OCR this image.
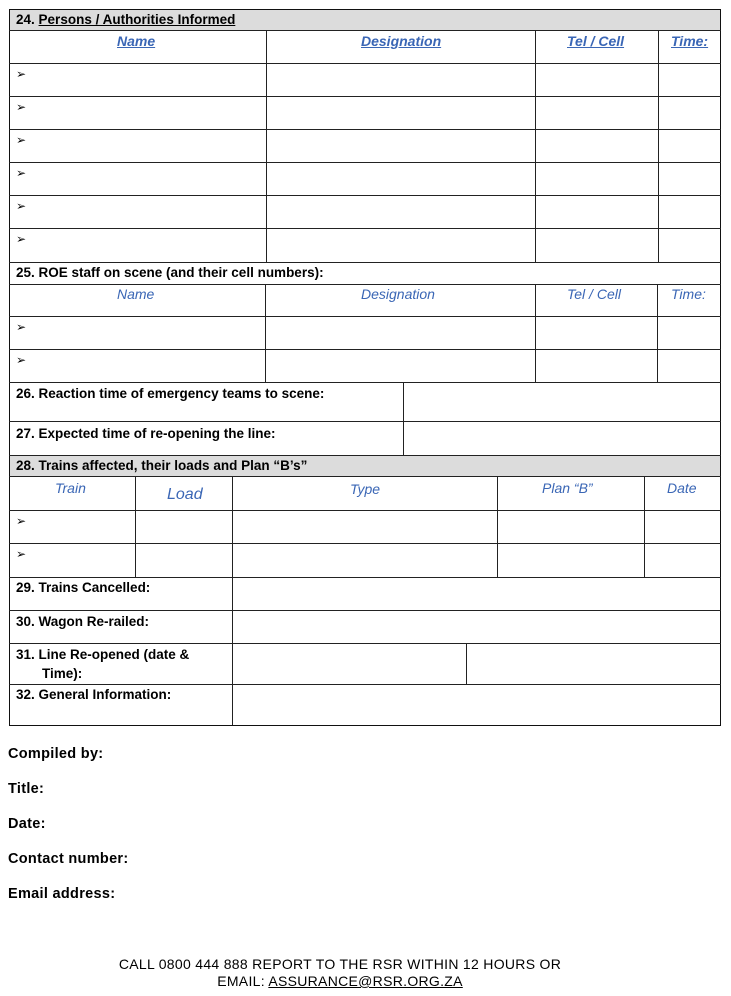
24. Persons / Authorities Informed
Name	Designation	Tel / Cell	Time:
➢
➢
➢
➢
➢
➢
25. ROE staff on scene (and their cell numbers):
Name	Designation	Tel / Cell	Time:
➢
➢
26. Reaction time of emergency teams to scene:
27. Expected time of re-opening the line:
28. Trains affected, their loads and Plan “B’s”
Train	Load	Type	Plan “B”	Date
➢
➢
29. Trains Cancelled:
30. Wagon Re-railed:
31. Line Re-opened (date &
Time):
32. General Information:
Compiled by:
Title:
Date:
Contact number:
Email address:
CALL 0800 444 888 REPORT TO THE RSR WITHIN 12 HOURS OR
EMAIL: ASSURANCE@RSR.ORG.ZA
